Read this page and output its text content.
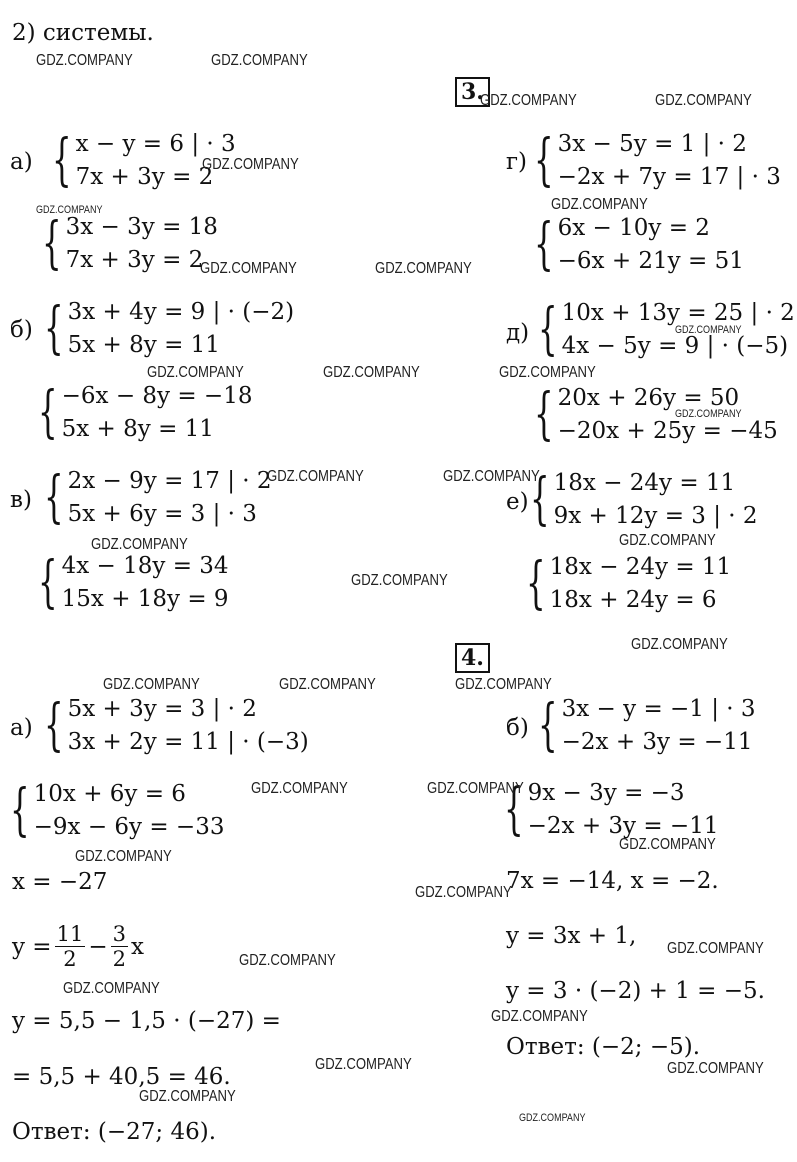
2) системы.
3.
а) { x − y = 6 | · 3
7x + 3y = 2
{ 3x − 3y = 18
7x + 3y = 2
б) { 3x + 4y = 9 | · (−2)
5x + 8y = 11
{ −6x − 8y = −18
5x + 8y = 11
в) { 2x − 9y = 17 | · 2
5x + 6y = 3 | · 3
{ 4x − 18y = 34
15x + 18y = 9
г) { 3x − 5y = 1 | · 2
−2x + 7y = 17 | · 3
{ 6x − 10y = 2
−6x + 21y = 51
д) { 10x + 13y = 25 | · 2
4x − 5y = 9 | · (−5)
{ 20x + 26y = 50
−20x + 25y = −45
е) { 18x − 24y = 11
9x + 12y = 3 | · 2
{ 18x − 24y = 11
18x + 24y = 6
4.
а) { 5x + 3y = 3 | · 2
3x + 2y = 11 | · (−3)
{ 10x + 6y = 6
−9x − 6y = −33
x = −27
$y = \frac{11}{2} - \frac{3}{2}$ x
y = 5,5 − 1,5 · (−27) =
= 5,5 + 40,5 = 46.
Ответ: (−27; 46).
б) { 3x − y = −1 | · 3
−2x + 3y = −11
{ 9x − 3y = −3
−2x + 3y = −11
7x = −14, x = −2.
y = 3x + 1,
y = 3 · (−2) + 1 = −5.
Ответ: (−2; −5).
GDZ.COMPANY	GDZ.COMPANY
GDZ.COMPANY	GDZ.COMPANY
GDZ.COMPANY
GDZ.COMPANY	GDZ.COMPANY
GDZ.COMPANY	GDZ.COMPANY
GDZ.COMPANY
GDZ.COMPANY	GDZ.COMPANY	GDZ.COMPANY
GDZ.COMPANY
GDZ.COMPANY	GDZ.COMPANY
GDZ.COMPANY	GDZ.COMPANY
GDZ.COMPANY
GDZ.COMPANY
GDZ.COMPANY	GDZ.COMPANY	GDZ.COMPANY
GDZ.COMPANY	GDZ.COMPANY
GDZ.COMPANY
GDZ.COMPANY
GDZ.COMPANY
GDZ.COMPANY
GDZ.COMPANY
GDZ.COMPANY
GDZ.COMPANY
GDZ.COMPANY	GDZ.COMPANY
GDZ.COMPANY
GDZ.COMPANY
